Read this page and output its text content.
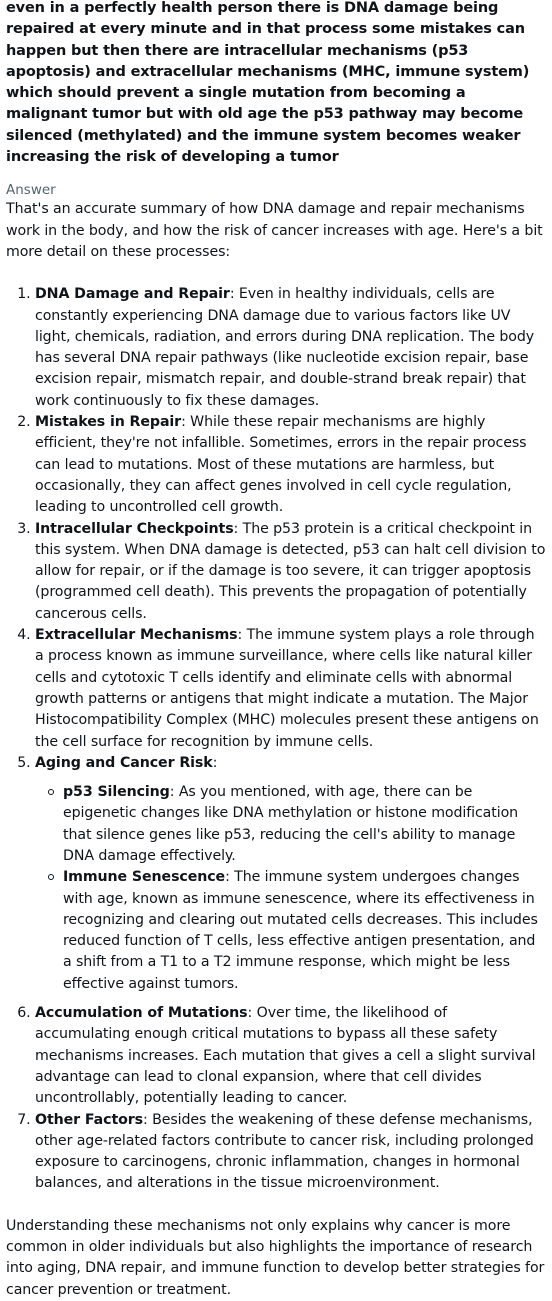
even in a perfectly health person there is DNA damage being repaired at every minute and in that process some mistakes can happen but then there are intracellular mechanisms (p53 apoptosis) and extracellular mechanisms (MHC, immune system) which should prevent a single mutation from becoming a malignant tumor but with old age the p53 pathway may become silenced (methylated) and the immune system becomes weaker increasing the risk of developing a tumor

Answer

That's an accurate summary of how DNA damage and repair mechanisms work in the body, and how the risk of cancer increases with age. Here's a bit more detail on these processes:

1. DNA Damage and Repair: Even in healthy individuals, cells are constantly experiencing DNA damage due to various factors like UV light, chemicals, radiation, and errors during DNA replication. The body has several DNA repair pathways (like nucleotide excision repair, base excision repair, mismatch repair, and double-strand break repair) that work continuously to fix these damages.
2. Mistakes in Repair: While these repair mechanisms are highly efficient, they're not infallible. Sometimes, errors in the repair process can lead to mutations. Most of these mutations are harmless, but occasionally, they can affect genes involved in cell cycle regulation, leading to uncontrolled cell growth.
3. Intracellular Checkpoints: The p53 protein is a critical checkpoint in this system. When DNA damage is detected, p53 can halt cell division to allow for repair, or if the damage is too severe, it can trigger apoptosis (programmed cell death). This prevents the propagation of potentially cancerous cells.
4. Extracellular Mechanisms: The immune system plays a role through a process known as immune surveillance, where cells like natural killer cells and cytotoxic T cells identify and eliminate cells with abnormal growth patterns or antigens that might indicate a mutation. The Major Histocompatibility Complex (MHC) molecules present these antigens on the cell surface for recognition by immune cells.
5. Aging and Cancer Risk:
p53 Silencing: As you mentioned, with age, there can be epigenetic changes like DNA methylation or histone modification that silence genes like p53, reducing the cell's ability to manage DNA damage effectively.
Immune Senescence: The immune system undergoes changes with age, known as immune senescence, where its effectiveness in recognizing and clearing out mutated cells decreases. This includes reduced function of T cells, less effective antigen presentation, and a shift from a T1 to a T2 immune response, which might be less effective against tumors.
6. Accumulation of Mutations: Over time, the likelihood of accumulating enough critical mutations to bypass all these safety mechanisms increases. Each mutation that gives a cell a slight survival advantage can lead to clonal expansion, where that cell divides uncontrollably, potentially leading to cancer.
7. Other Factors: Besides the weakening of these defense mechanisms, other age-related factors contribute to cancer risk, including prolonged exposure to carcinogens, chronic inflammation, changes in hormonal balances, and alterations in the tissue microenvironment.

Understanding these mechanisms not only explains why cancer is more common in older individuals but also highlights the importance of research into aging, DNA repair, and immune function to develop better strategies for cancer prevention or treatment.
